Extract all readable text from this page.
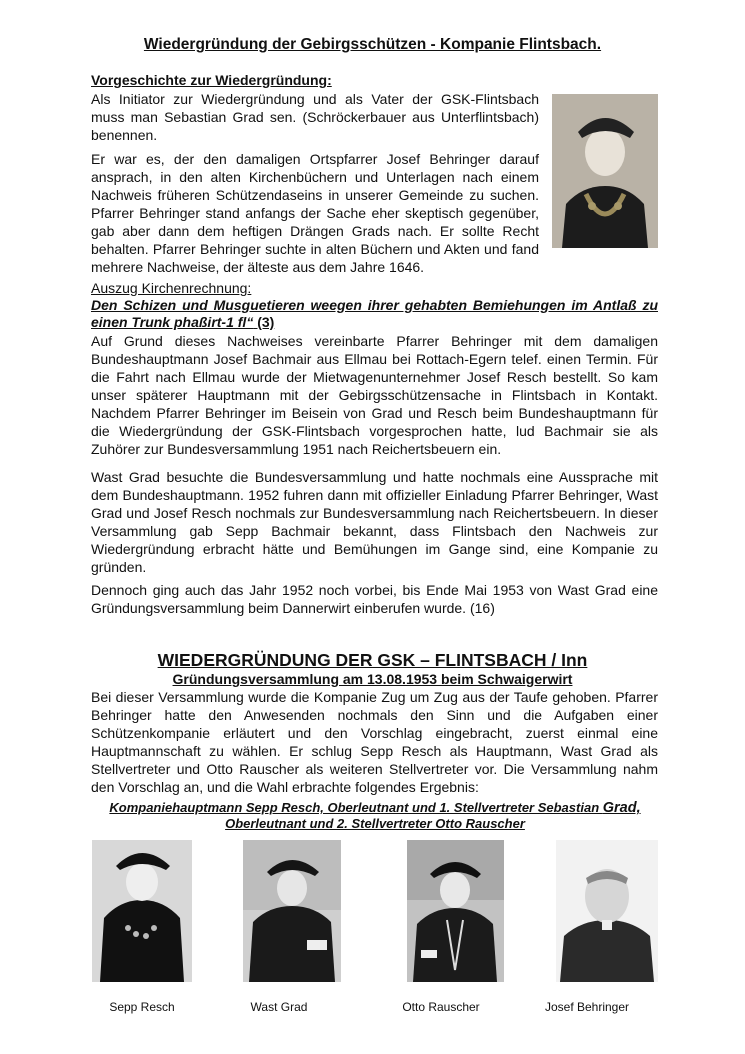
Wiedergründung der Gebirgsschützen - Kompanie Flintsbach.
Vorgeschichte zur Wiedergründung:

Als Initiator zur Wiedergründung und als Vater der GSK-Flintsbach muss man Sebastian Grad sen. (Schröckerbauer aus Unterflintsbach) benennen.

Er war es, der den damaligen Ortspfarrer Josef Behringer darauf ansprach, in den alten Kirchenbüchern und Unterlagen nach einem Nachweis früheren Schützendaseins in unserer Gemeinde zu suchen. Pfarrer Behringer stand anfangs der Sache eher skeptisch gegenüber, gab aber dann dem heftigen Drängen Grads nach. Er sollte Recht behalten. Pfarrer Behringer suchte in alten Büchern und Akten und fand mehrere Nachweise, der älteste aus dem Jahre 1646.

Auszug Kirchenrechnung:
Den Schizen und Musguetieren weegen ihrer gehabten Bemiehungen im Antlaß zu einen Trunk phaßirt-1 fl“ (3)

Auf Grund dieses Nachweises vereinbarte Pfarrer Behringer mit dem damaligen Bundeshauptmann Josef Bachmair aus Ellmau bei Rottach-Egern telef. einen Termin. Für die Fahrt nach Ellmau wurde der Mietwagenunternehmer Josef Resch bestellt. So kam unser späterer Hauptmann mit der Gebirgsschützensache in Flintsbach in Kontakt. Nachdem Pfarrer Behringer im Beisein von Grad und Resch beim Bundeshauptmann für die Wiedergründung der GSK-Flintsbach vorgesprochen hatte, lud Bachmair sie als Zuhörer zur Bundesversammlung 1951 nach Reichertsbeuern ein.

Wast Grad besuchte die Bundesversammlung und hatte nochmals eine Aussprache mit dem Bundeshauptmann. 1952 fuhren dann mit offizieller Einladung Pfarrer Behringer, Wast Grad und Josef Resch nochmals zur Bundesversammlung nach Reichertsbeuern. In dieser Versammlung gab Sepp Bachmair bekannt, dass Flintsbach den Nachweis zur Wiedergründung erbracht hätte und Bemühungen im Gange sind, eine Kompanie zu gründen.

Dennoch ging auch das Jahr 1952 noch vorbei, bis Ende Mai 1953 von Wast Grad eine Gründungsversammlung beim Dannerwirt einberufen wurde. (16)

WIEDERGRÜNDUNG DER GSK – FLINTSBACH / Inn
Gründungsversammlung am 13.08.1953 beim Schwaigerwirt

Bei dieser Versammlung wurde die Kompanie Zug um Zug aus der Taufe gehoben. Pfarrer Behringer hatte den Anwesenden nochmals den Sinn und die Aufgaben einer Schützenkompanie erläutert und den Vorschlag eingebracht, zuerst einmal eine Hauptmannschaft zu wählen. Er schlug Sepp Resch als Hauptmann, Wast Grad als Stellvertreter und Otto Rauscher als weiteren Stellvertreter vor. Die Versammlung nahm den Vorschlag an, und die Wahl erbrachte folgendes Ergebnis:

Kompaniehauptmann Sepp Resch, Oberleutnant und 1. Stellvertreter Sebastian Grad,
Oberleutnant und 2. Stellvertreter Otto Rauscher
Sepp Resch	Wast Grad	Otto Rauscher	Josef Behringer
